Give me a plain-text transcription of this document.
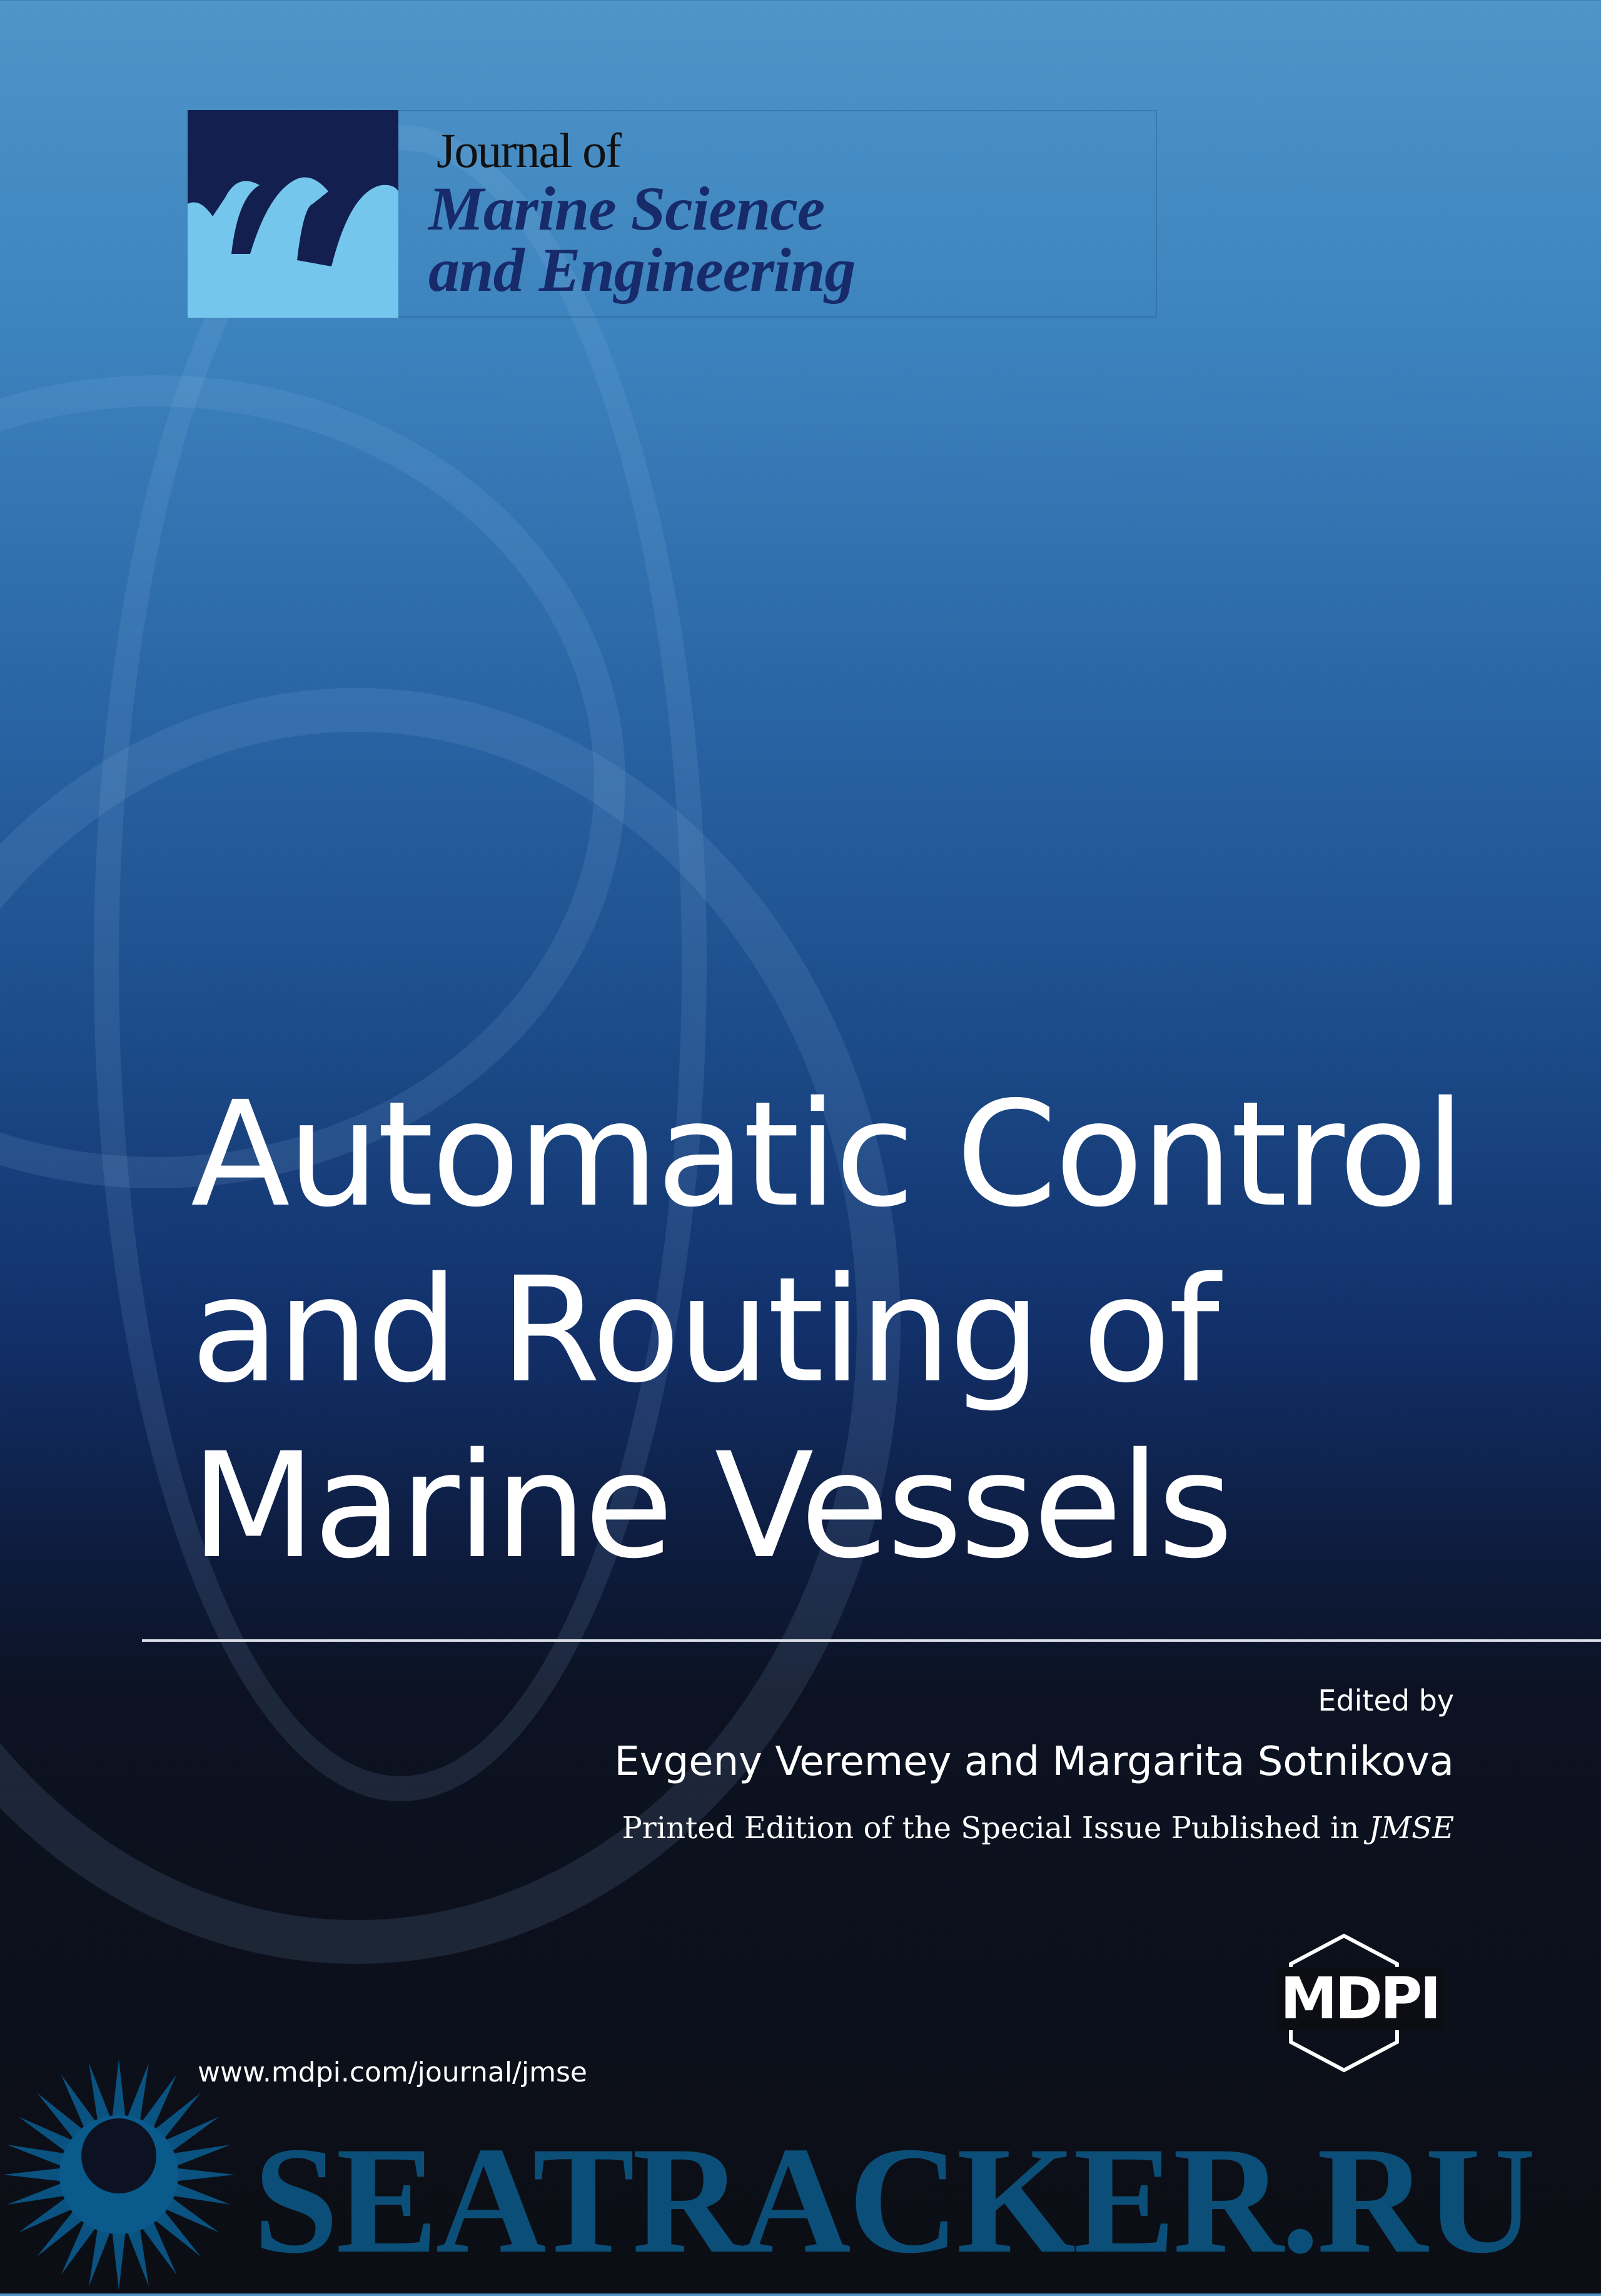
Journal of
Marine Science
and Engineering
Automatic Control
and Routing of
Marine Vessels
Edited by
Evgeny Veremey and Margarita Sotnikova
Printed Edition of the Special Issue Published in JMSE
SEATRACKER.RU
www.mdpi.com/journal/jmse
MDPI
